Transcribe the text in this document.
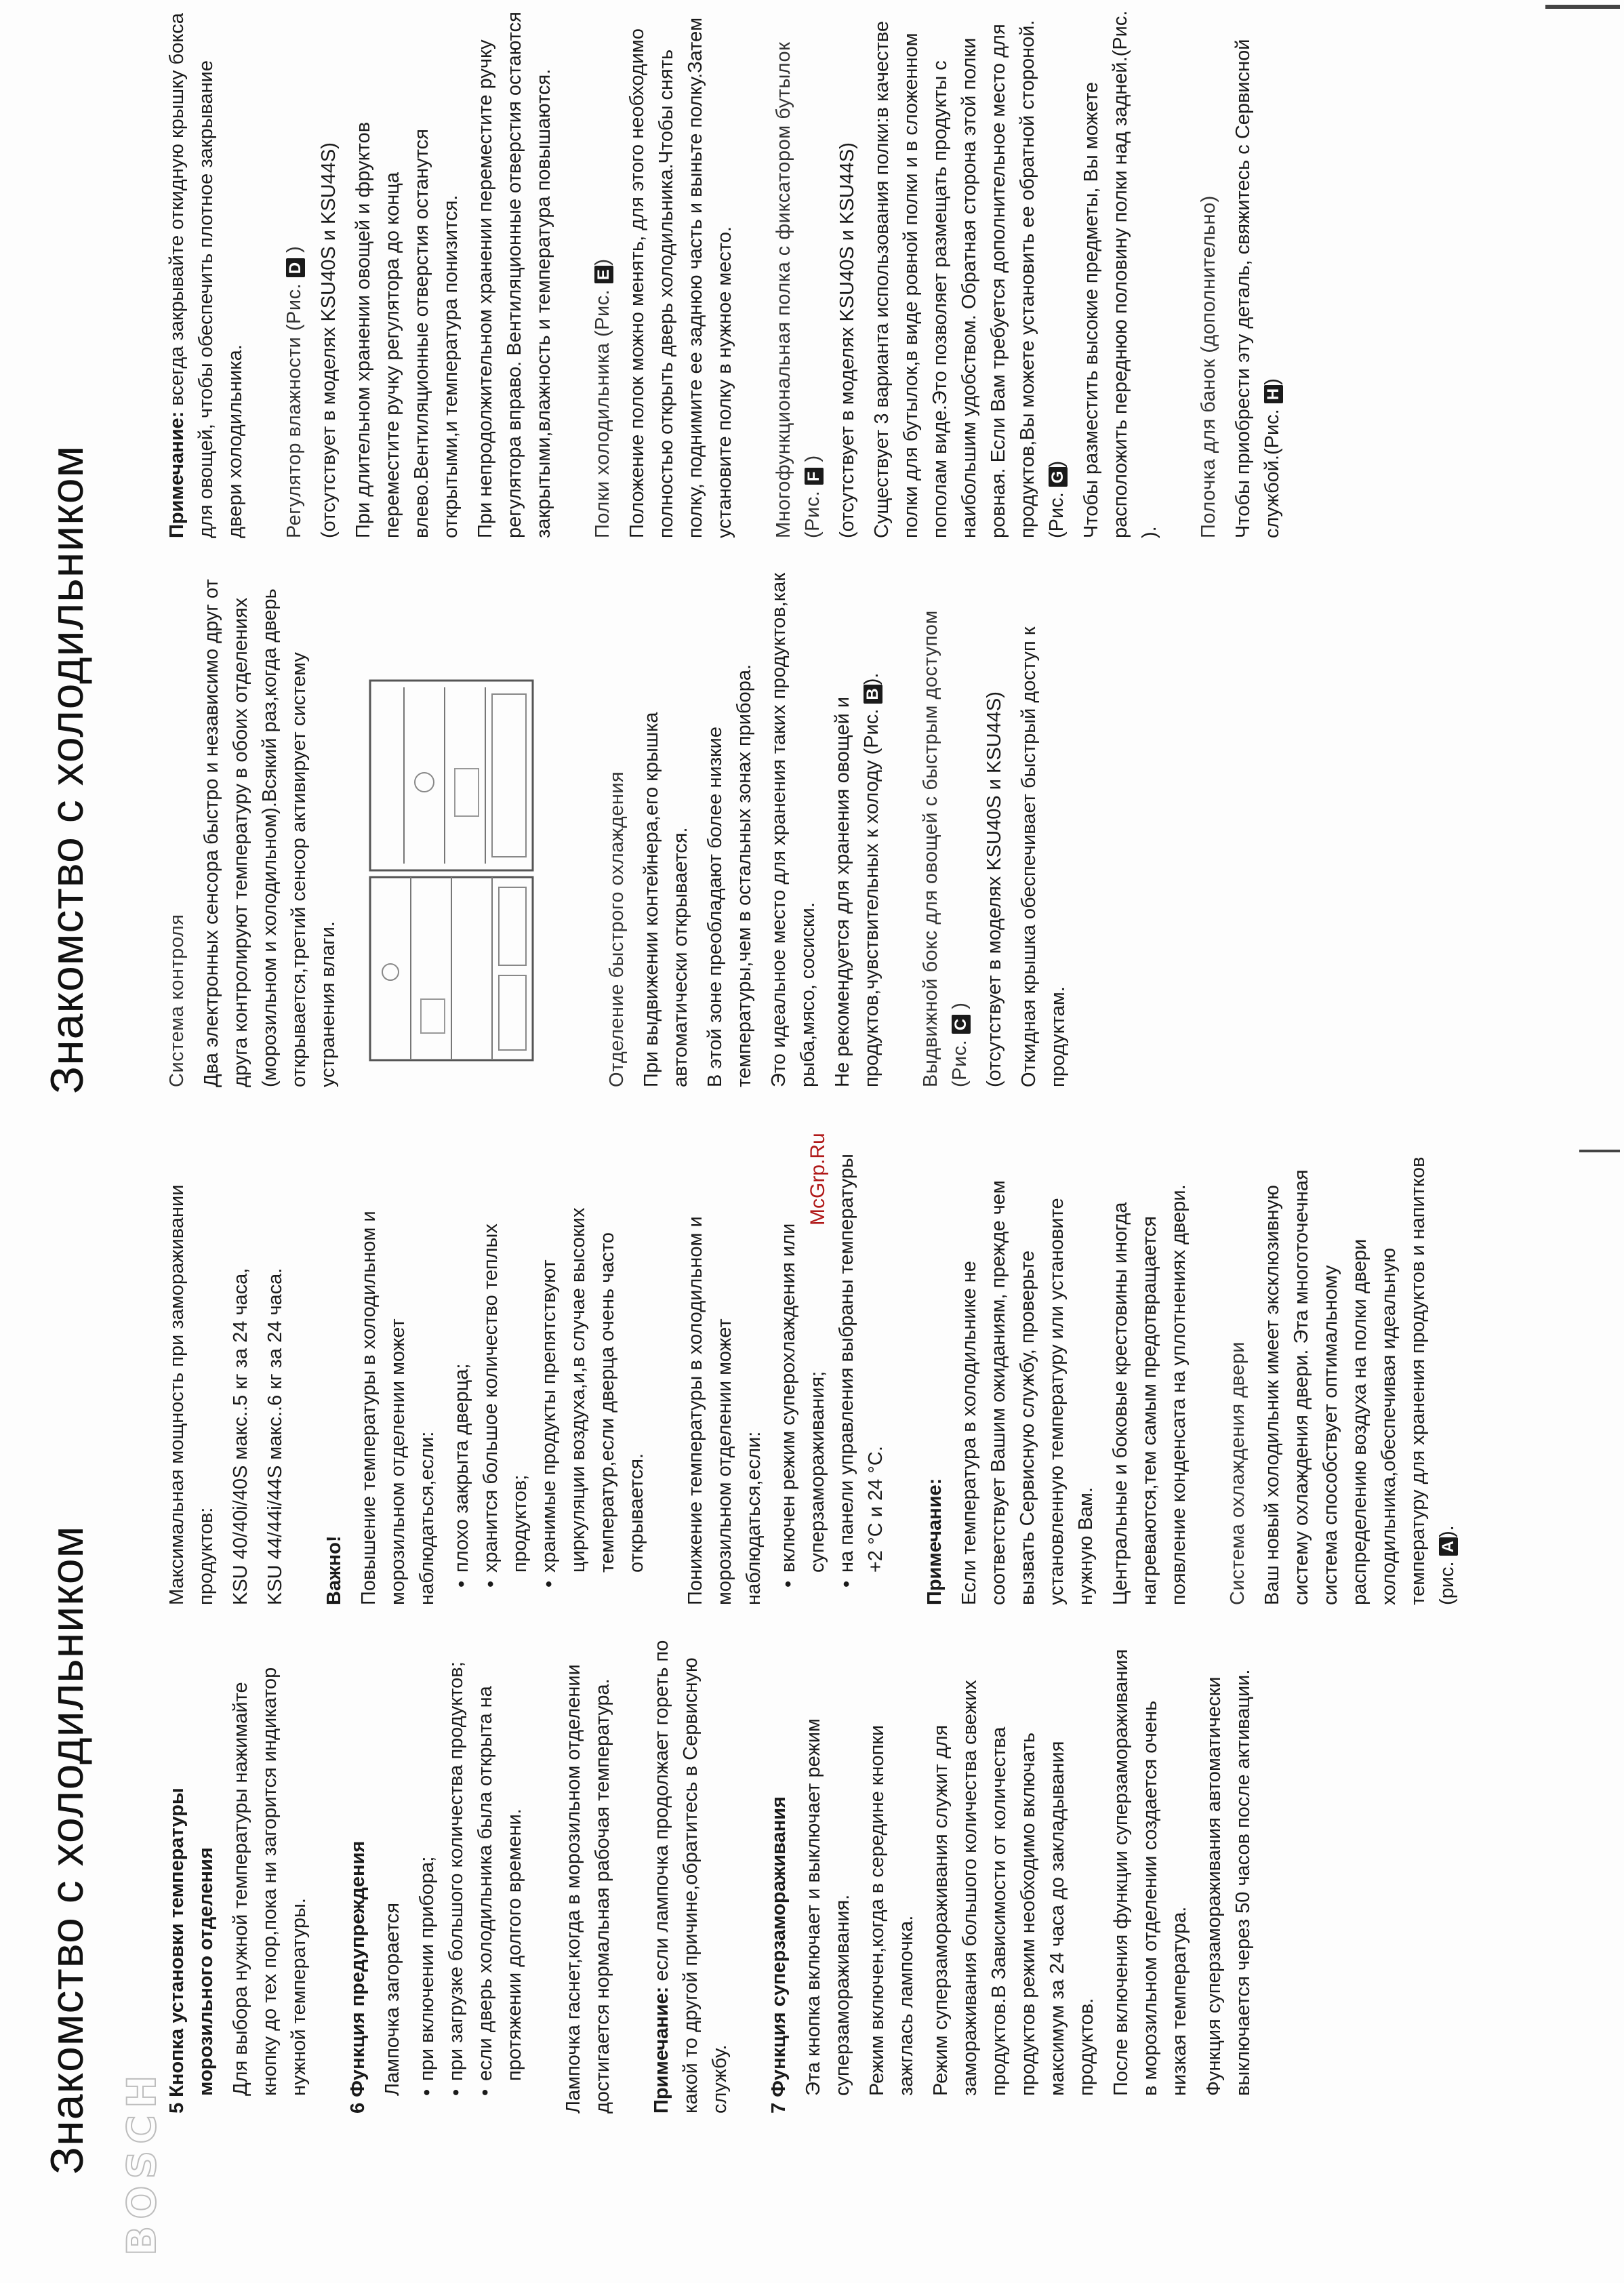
Знакомство с холодильником BOSCH

5 Кнопка установки температуры морозильного отделения Для выбора нужной температуры нажимайте кнопку до тех пор,пока ни загорится индикатор нужной температуры. 6 Функция предупреждения Лампочка загорается • при включении прибора; • при загрузке большого количества продуктов; • если дверь холодильника была открыта на протяжении долгого времени. Лампочка гаснет,когда в морозильном отделении достигается нормальная рабочая температура. Примечание: если лампочка продолжает гореть по какой то другой причине,обратитесь в Сервисную службу. 7 Функция суперзамораживания Эта кнопка включает и выключает режим суперзамораживания. Режим включен,когда в середине кнопки зажглась лампочка. Режим суперзамораживания служит для замораживания большого количества свежих продуктов.В Зависимости от количества продуктов режим необходимо включать максимум за 24 часа до закладывания продуктов. После включения функции суперзамораживания в морозильном отделении создается очень низкая температура. Функция суперзамораживания автоматически выключается через 50 часов после активации.

Максимальная мощность при замораживании продуктов: KSU 40/40i/40S макс..5 кг за 24 часа, KSU 44/44i/44S макс..6 кг за 24 часа. Важно! Повышение температуры в холодильном и морозильном отделении может наблюдаться,если: • плохо закрыта дверца; • хранится большое количество теплых продуктов; • хранимые продукты препятствуют циркуляции воздуха,и,в случае высоких температур,если дверца очень часто открывается. Понижение температуры в холодильном и морозильном отделении может наблюдаться,если: • включен режим суперохлаждения или суперзамораживания; • на панели управления выбраны температуры +2 °C и 24 °C. Примечание: Если температура в холодильнике не соответствует Вашим ожиданиям, прежде чем вызвать Сервисную службу, проверьте установленную температуру или установите нужную Вам. Центральные и боковые крестовины иногда нагреваются,тем самым предотвращается появление конденсата на уплотнениях двери. Система охлаждения двери Ваш новый холодильник имеет эксклюзивную систему охлаждения двери. Эта многоточечная система способствует оптимальному распределению воздуха на полки двери холодильника,обеспечивая идеальную температуру для хранения продуктов и напитков (рис. A).

Знакомство с холодильником	Система контроля Два электронных сенсора быстро и независимо друг от друга контролируют температуру в обоих отделениях (морозильном и холодильном).Всякий раз,когда дверь открывается,третий сенсор активирует систему устранения влаги.	Отделение быстрого охлаждения При выдвижении контейнера,его крышка автоматически открывается. В этой зоне преобладают более низкие температуры,чем в остальных зонах прибора. Это идеальное место для хранения таких продуктов,как рыба,мясо, сосиски. Не рекомендуется для хранения овощей и продуктов,чувствительных к холоду (Рис. B). Выдвижной бокс для овощей с быстрым доступом (Рис. C ) (отсутствует в моделях KSU40S и KSU44S) Откидная крышка обеспечивает быстрый доступ к продуктам.

Примечание: всегда закрывайте откидную крышку бокса для овощей, чтобы обеспечить плотное закрывание двери холодильника. Регулятор влажности (Рис. D ) (отсутствует в моделях KSU40S и KSU44S) При длительном хранении овощей и фруктов переместите ручку регулятора до конца влево.Вентиляционные отверстия останутся открытыми,и температура понизится. При непродолжительном хранении переместите ручку регулятора вправо. Вентиляционные отверстия остаются закрытыми,влажность и температура повышаются. Полки холодильника (Рис. E) Положение полок можно менять, для этого необходимо полностью открыть дверь холодильника.Чтобы снять полку, поднимите ее заднюю часть и выньте полку.Затем установите полку в нужное место. Многофункциональная полка с фиксатором бутылок (Рис. F ) (отсутствует в моделях KSU40S и KSU44S) Существует 3 варианта использования полки:в качестве полки для бутылок,в виде ровной полки и в сложенном пополам виде.Это позволяет размещать продукты с наибольшим удобством. Обратная сторона этой полки ровная. Если Вам требуется дополнительное место для продуктов,Вы можете установить ее обратной стороной. (Рис. G) Чтобы разместить высокие предметы, Вы можете расположить переднюю половину полки над задней.(Рис. ). Полочка для банок (дополнительно) Чтобы приобрести эту деталь, свяжитесь с Сервисной службой.(Рис. H)

McGrp.Ru
